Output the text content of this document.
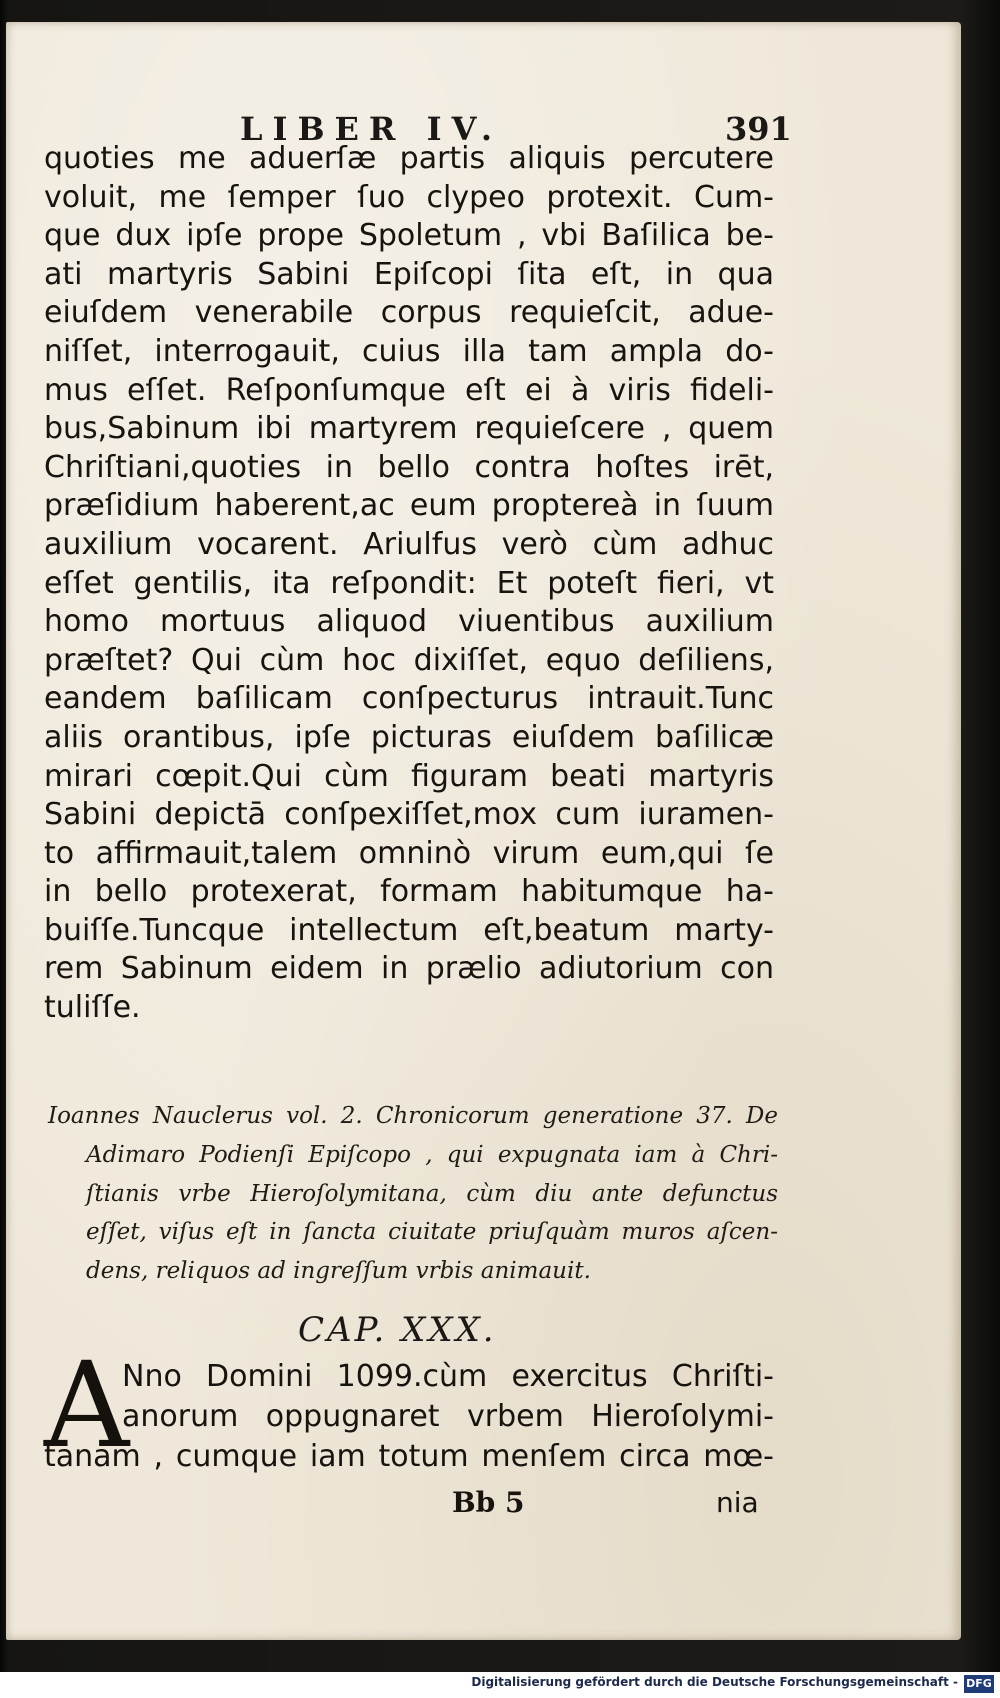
LIBER IV.	391
quoties me aduerſæ partis aliquis percutere
voluit, me ſemper ſuo clypeo protexit. Cum-
que dux ipſe prope Spoletum , vbi Baſilica be-
ati martyris Sabini Epiſcopi ſita eſt, in qua
eiuſdem venerabile corpus requieſcit, adue-
niſſet, interrogauit, cuius illa tam ampla do-
mus eſſet. Reſponſumque eſt ei à viris fideli-
bus,Sabinum ibi martyrem requieſcere , quem
Chriſtiani,quoties in bello contra hoſtes irēt,
præſidium haberent,ac eum proptereà in ſuum
auxilium vocarent. Ariulfus verò cùm adhuc
eſſet gentilis, ita reſpondit: Et poteſt fieri, vt
homo mortuus aliquod viuentibus auxilium
præſtet? Qui cùm hoc dixiſſet, equo deſiliens,
eandem baſilicam conſpecturus intrauit.Tunc
aliis orantibus, ipſe picturas eiuſdem baſilicæ
mirari cœpit.Qui cùm figuram beati martyris
Sabini depictā conſpexiſſet,mox cum iuramen-
to affirmauit,talem omninò virum eum,qui ſe
in bello protexerat, formam habitumque ha-
buiſſe.Tuncque intellectum eſt,beatum marty-
rem Sabinum eidem in prælio adiutorium con
tuliſſe.
Ioannes Nauclerus vol. 2. Chronicorum generatione 37. De
Adimaro Podienſi Epiſcopo , qui expugnata iam à Chri-
ſtianis vrbe Hieroſolymitana, cùm diu ante defunctus
eſſet, viſus eſt in ſancta ciuitate priuſquàm muros aſcen-
dens, reliquos ad ingreſſum vrbis animauit.
CAP. XXX.
A
Nno Domini 1099.cùm exercitus Chriſti-
anorum oppugnaret vrbem Hieroſolymi-
tanam , cumque iam totum menſem circa mœ-
Bb 5	nia
Digitalisierung gefördert durch die Deutsche Forschungsgemeinschaft - DFG
